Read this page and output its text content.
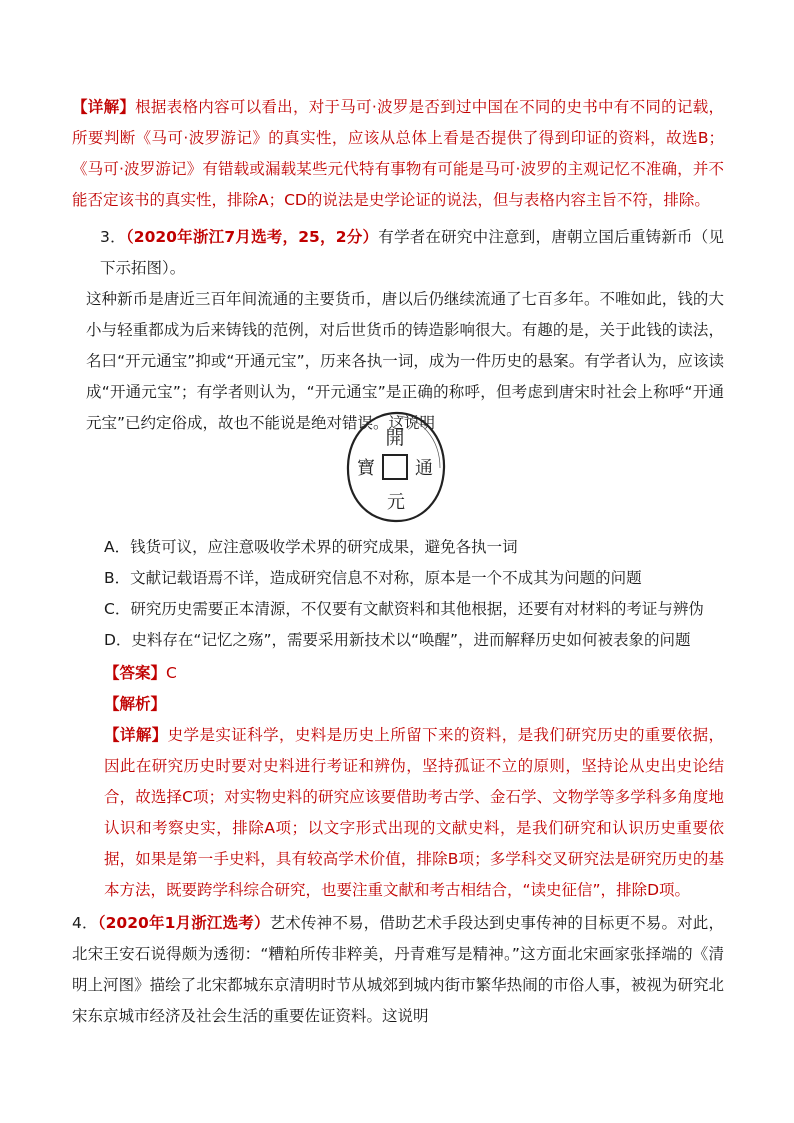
【详解】根据表格内容可以看出，对于马可·波罗是否到过中国在不同的史书中有不同的记载，所要判断《马可·波罗游记》的真实性，应该从总体上看是否提供了得到印证的资料，故选B；《马可·波罗游记》有错载或漏载某些元代特有事物有可能是马可·波罗的主观记忆不准确，并不能否定该书的真实性，排除A；CD的说法是史学论证的说法，但与表格内容主旨不符，排除。

3．（2020年浙江7月选考，25，2分）有学者在研究中注意到，唐朝立国后重铸新币（见下示拓图）。

这种新币是唐近三百年间流通的主要货币，唐以后仍继续流通了七百多年。不唯如此，钱的大小与轻重都成为后来铸钱的范例，对后世货币的铸造影响很大。有趣的是，关于此钱的读法，名曰“开元通宝”抑或“开通元宝”，历来各执一词，成为一件历史的悬案。有学者认为，应该读成“开通元宝”；有学者则认为，“开元通宝”是正确的称呼，但考虑到唐宋时社会上称呼“开通元宝”已约定俗成，故也不能说是绝对错误。这说明

開
通
元
寶

A．钱货可议，应注意吸收学术界的研究成果，避免各执一词

B．文献记载语焉不详，造成研究信息不对称，原本是一个不成其为问题的问题

C．研究历史需要正本清源，不仅要有文献资料和其他根据，还要有对材料的考证与辨伪

D．史料存在“记忆之殇”，需要采用新技术以“唤醒”，进而解释历史如何被表象的问题

【答案】C

【解析】

【详解】史学是实证科学，史料是历史上所留下来的资料，是我们研究历史的重要依据，因此在研究历史时要对史料进行考证和辨伪，坚持孤证不立的原则，坚持论从史出史论结合，故选择C项；对实物史料的研究应该要借助考古学、金石学、文物学等多学科多角度地认识和考察史实，排除A项；以文字形式出现的文献史料，是我们研究和认识历史重要依据，如果是第一手史料，具有较高学术价值，排除B项；多学科交叉研究法是研究历史的基本方法，既要跨学科综合研究，也要注重文献和考古相结合，“读史征信”，排除D项。

4．（2020年1月浙江选考）艺术传神不易，借助艺术手段达到史事传神的目标更不易。对此，北宋王安石说得颇为透彻：“糟粕所传非粹美，丹青难写是精神。”这方面北宋画家张择端的《清明上河图》描绘了北宋都城东京清明时节从城郊到城内街市繁华热闹的市俗人事，被视为研究北宋东京城市经济及社会生活的重要佐证资料。这说明
